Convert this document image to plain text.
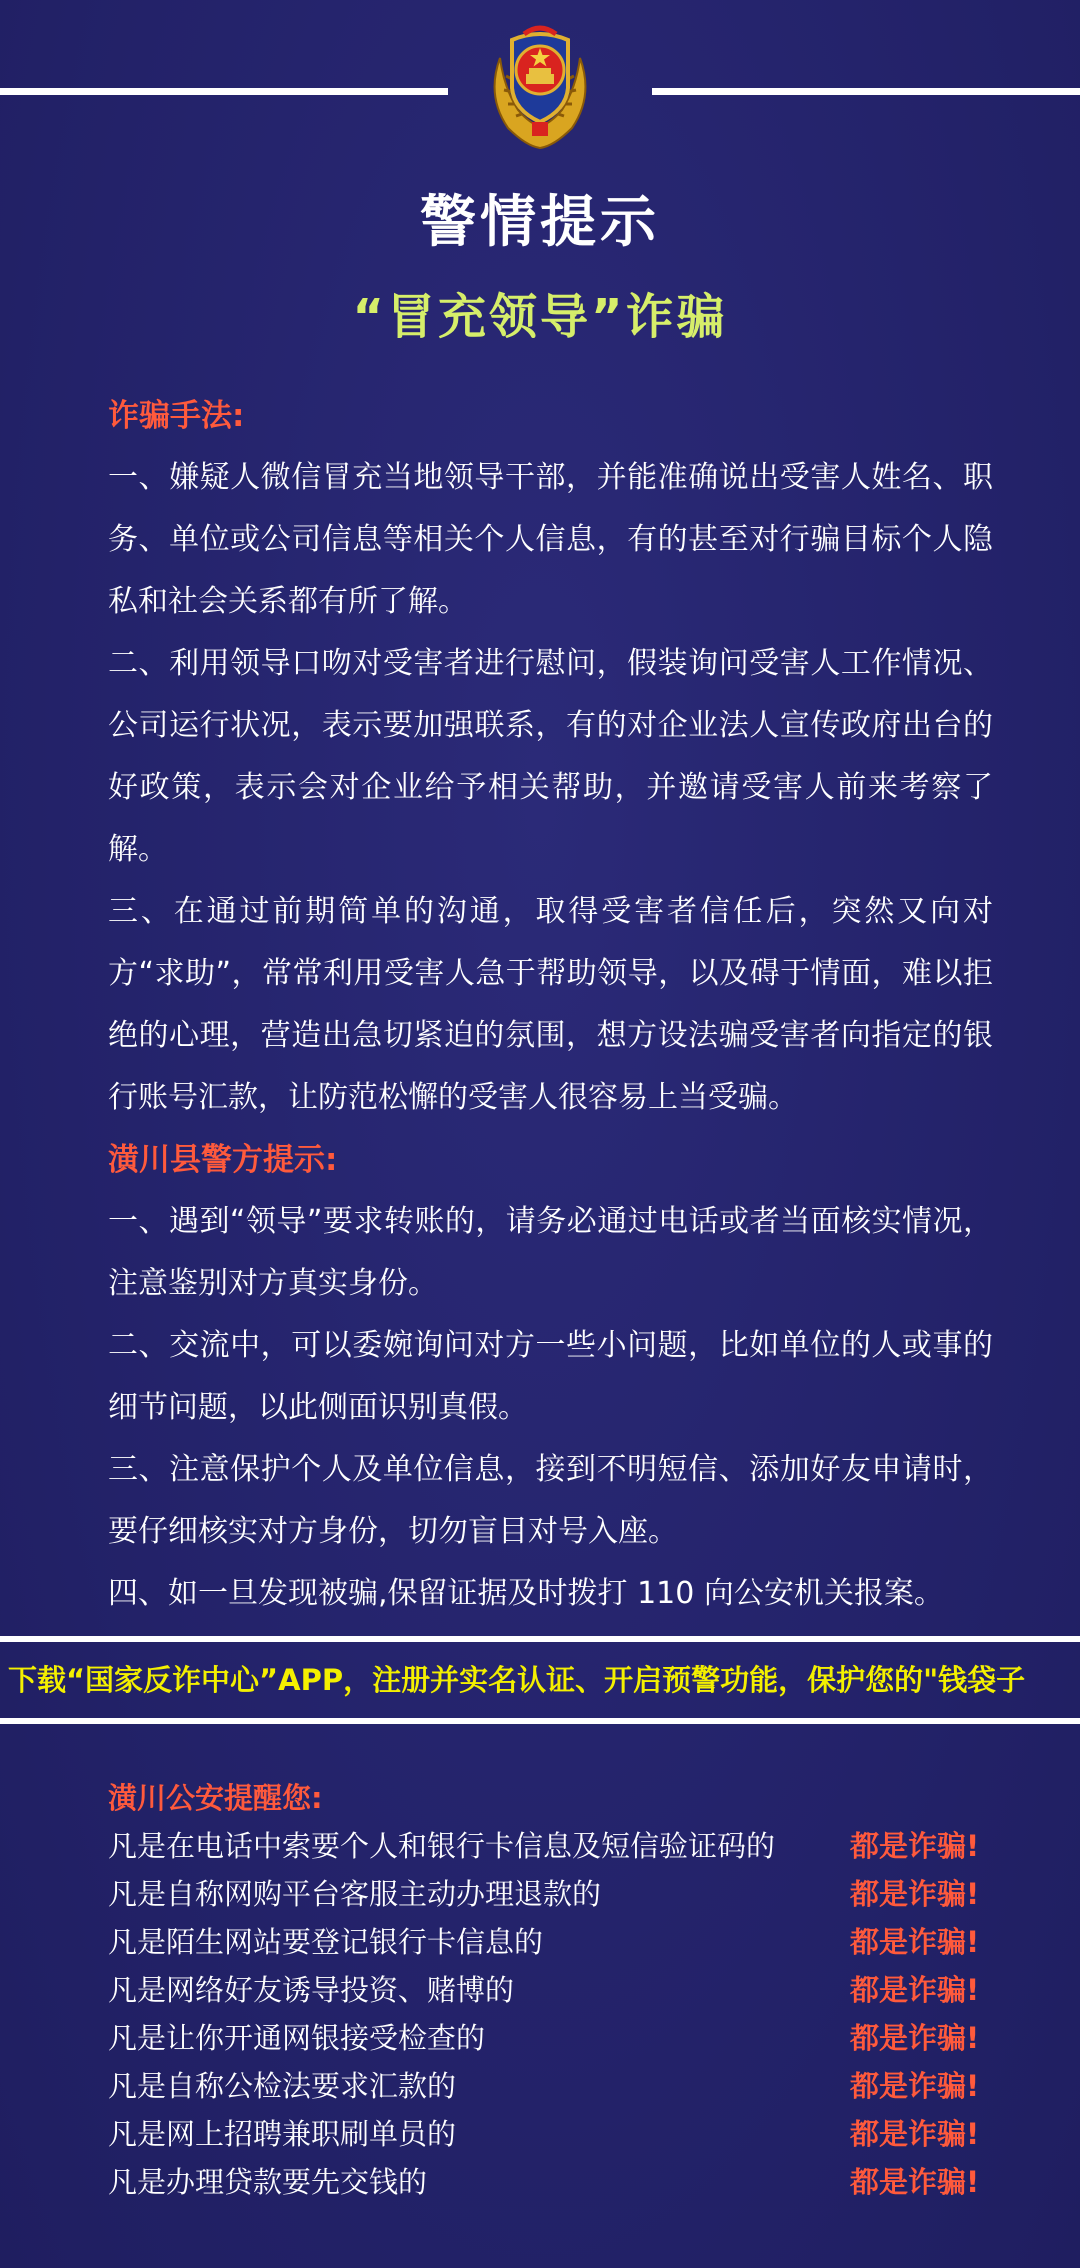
警情提示
“冒充领导”诈骗

诈骗手法:

一、嫌疑人微信冒充当地领导干部，并能准确说出受害人姓名、职务、单位或公司信息等相关个人信息，有的甚至对行骗目标个人隐私和社会关系都有所了解。

二、利用领导口吻对受害者进行慰问，假装询问受害人工作情况、公司运行状况，表示要加强联系，有的对企业法人宣传政府出台的好政策，表示会对企业给予相关帮助，并邀请受害人前来考察了解。

三、在通过前期简单的沟通，取得受害者信任后，突然又向对方“求助”，常常利用受害人急于帮助领导，以及碍于情面，难以拒绝的心理，营造出急切紧迫的氛围，想方设法骗受害者向指定的银行账号汇款，让防范松懈的受害人很容易上当受骗。

潢川县警方提示:

一、遇到“领导”要求转账的，请务必通过电话或者当面核实情况，注意鉴别对方真实身份。

二、交流中，可以委婉询问对方一些小问题，比如单位的人或事的细节问题，以此侧面识别真假。

三、注意保护个人及单位信息，接到不明短信、添加好友申请时，要仔细核实对方身份，切勿盲目对号入座。

四、如一旦发现被骗,保留证据及时拨打 110 向公安机关报案。

下载“国家反诈中心”APP，注册并实名认证、开启预警功能，保护您的"钱袋子

潢川公安提醒您:

凡是在电话中索要个人和银行卡信息及短信验证码的	都是诈骗!
凡是自称网购平台客服主动办理退款的	都是诈骗!
凡是陌生网站要登记银行卡信息的	都是诈骗!
凡是网络好友诱导投资、赌博的	都是诈骗!
凡是让你开通网银接受检查的	都是诈骗!
凡是自称公检法要求汇款的	都是诈骗!
凡是网上招聘兼职刷单员的	都是诈骗!
凡是办理贷款要先交钱的	都是诈骗!
